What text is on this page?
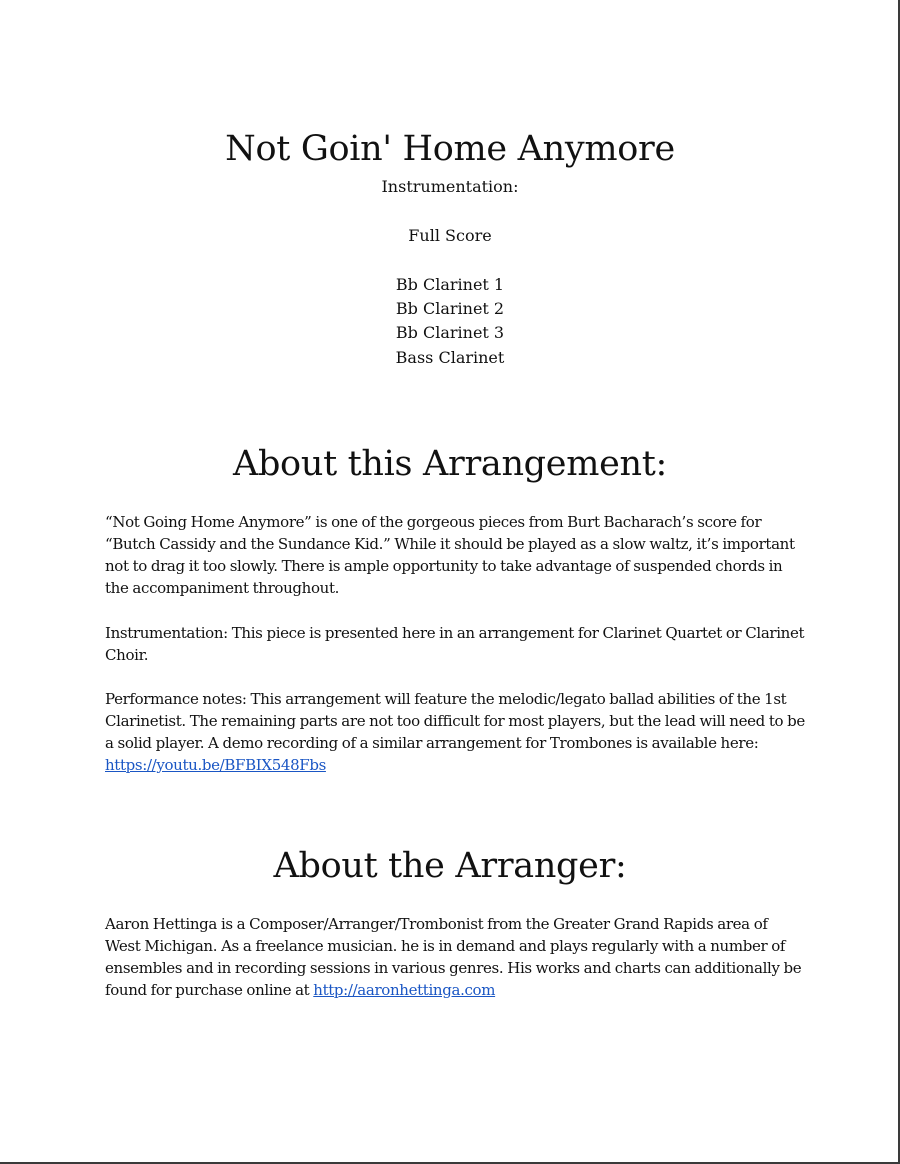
Not Goin' Home Anymore
Instrumentation:
Full Score
Bb Clarinet 1
Bb Clarinet 2
Bb Clarinet 3
Bass Clarinet
About this Arrangement:

“Not Going Home Anymore” is one of the gorgeous pieces from Burt Bacharach’s score for “Butch Cassidy and the Sundance Kid.” While it should be played as a slow waltz, it’s important not to drag it too slowly. There is ample opportunity to take advantage of suspended chords in the accompaniment throughout.

Instrumentation: This piece is presented here in an arrangement for Clarinet Quartet or Clarinet Choir.

Performance notes: This arrangement will feature the melodic/legato ballad abilities of the 1st Clarinetist. The remaining parts are not too difficult for most players, but the lead will need to be a solid player. A demo recording of a similar arrangement for Trombones is available here:
https://youtu.be/BFBIX548Fbs

About the Arranger:

Aaron Hettinga is a Composer/Arranger/Trombonist from the Greater Grand Rapids area of West Michigan. As a freelance musician. he is in demand and plays regularly with a number of ensembles and in recording sessions in various genres. His works and charts can additionally be found for purchase online at http://aaronhettinga.com
